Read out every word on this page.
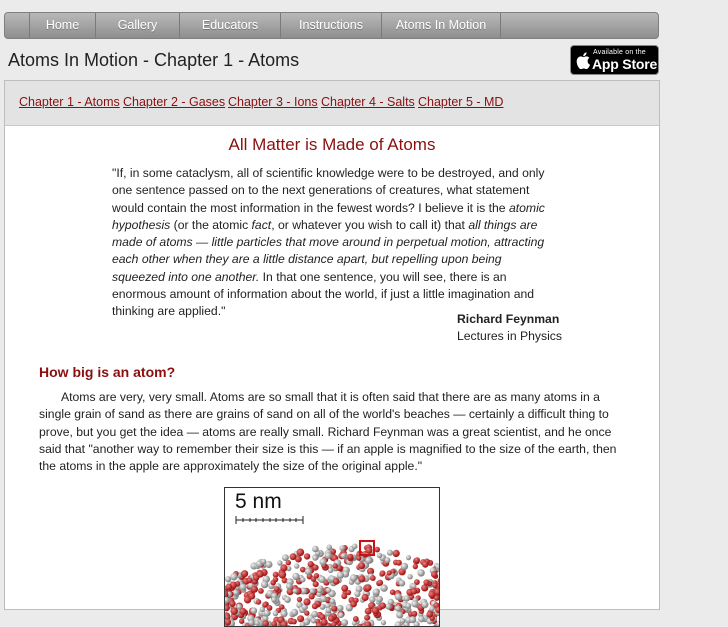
Home	Gallery	Educators	Instructions	Atoms In Motion
Atoms In Motion - Chapter 1 - Atoms	Available on the
App Store
Chapter 1 - Atoms Chapter 2 - Gases Chapter 3 - Ions Chapter 4 - Salts Chapter 5 - MD
All Matter is Made of Atoms
"If, in some cataclysm, all of scientific knowledge were to be destroyed, and only one sentence passed on to the next generations of creatures, what statement would contain the most information in the fewest words? I believe it is the atomic hypothesis (or the atomic fact, or whatever you wish to call it) that all things are made of atoms — little particles that move around in perpetual motion, attracting each other when they are a little distance apart, but repelling upon being squeezed into one another. In that one sentence, you will see, there is an enormous amount of information about the world, if just a little imagination and thinking are applied."
Richard Feynman
Lectures in Physics
How big is an atom?
Atoms are very, very small. Atoms are so small that it is often said that there are as many atoms in a single grain of sand as there are grains of sand on all of the world's beaches — certainly a difficult thing to prove, but you get the idea — atoms are really small. Richard Feynman was a great scientist, and he once said that "another way to remember their size is this — if an apple is magnified to the size of the earth, then the atoms in the apple are approximately the size of the original apple."
5 nm
